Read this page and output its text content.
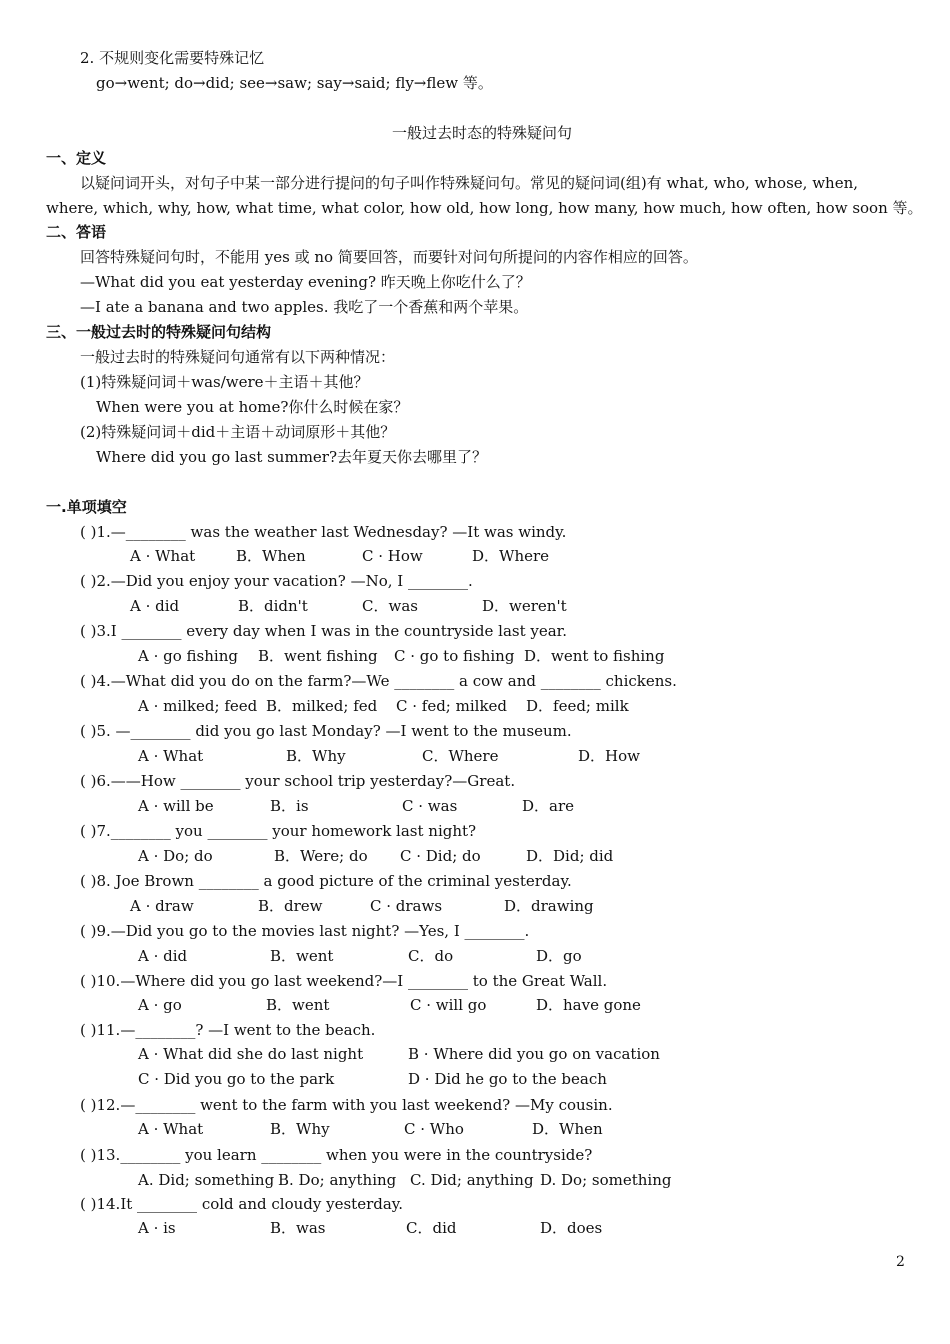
2. 不规则变化需要特殊记忆
go→went; do→did; see→saw; say→said; fly→flew 等。
一般过去时态的特殊疑问句
一、定义
以疑问词开头，对句子中某一部分进行提问的句子叫作特殊疑问句。常见的疑问词(组)有 what, who, whose, when,
where, which, why, how, what time, what color, how old, how long, how many, how much, how often, how soon 等。
二、答语
回答特殊疑问句时，不能用 yes 或 no 简要回答，而要针对问句所提问的内容作相应的回答。
—What did you eat yesterday evening? 昨天晚上你吃什么了？
—I ate a banana and two apples. 我吃了一个香蕉和两个苹果。
三、一般过去时的特殊疑问句结构
一般过去时的特殊疑问句通常有以下两种情况：
(1)特殊疑问词＋was/were＋主语＋其他？
When were you at home?你什么时候在家？
(2)特殊疑问词＋did＋主语＋动词原形＋其他？
Where did you go last summer?去年夏天你去哪里了？
一.单项填空
( )1.—________ was the weather last Wednesday? —It was windy.
A · What	B．When	C · How	D．Where
( )2.—Did you enjoy your vacation? —No, I ________.
A · did	B．didn't	C．was	D．weren't
( )3.I ________ every day when I was in the countryside last year.
A · go fishing B．went fishing C · go to fishing D．went to fishing
( )4.—What did you do on the farm?—We ________ a cow and ________ chickens.
A · milked; feed B．milked; fed C · fed; milked D．feed; milk
( )5. —________ did you go last Monday? —I went to the museum.
A · What	B．Why	C．Where	D．How
( )6.——How ________ your school trip yesterday?—Great.
A · will be	B．is	C · was	D．are
( )7.________ you ________ your homework last night?
A · Do; do	B．Were; do C · Did; do	D．Did; did
( )8. Joe Brown ________ a good picture of the criminal yesterday.
A · draw	B．drew	C · draws	D．drawing
( )9.—Did you go to the movies last night? —Yes, I ________.
A · did	B．went	C．do	D．go
( )10.—Where did you go last weekend?—I ________ to the Great Wall.
A · go	B．went	C · will go	D．have gone
( )11.—________? —I went to the beach.
A · What did she do last night	B · Where did you go on vacation
C · Did you go to the park	D · Did he go to the beach
( )12.—________ went to the farm with you last weekend? —My cousin.
A · What	B．Why	C · Who	D．When
( )13.________ you learn ________ when you were in the countryside?
A. Did; something B. Do; anything C. Did; anything D. Do; something
( )14.It ________ cold and cloudy yesterday.
A · is	B．was	C．did	D．does
2
